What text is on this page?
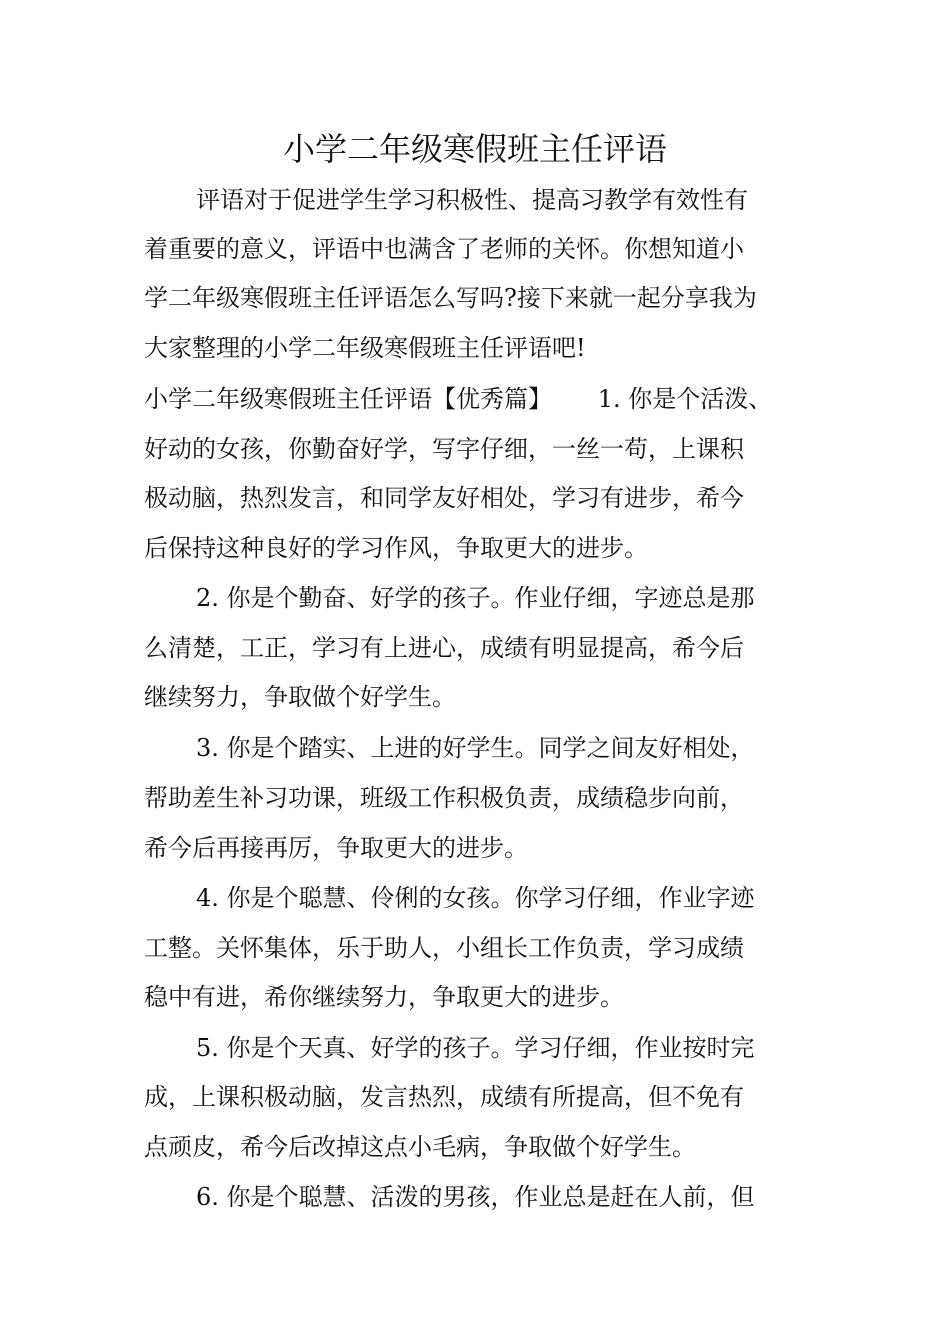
小学二年级寒假班主任评语
评语对于促进学生学习积极性、提高习教学有效性有
着重要的意义，评语中也满含了老师的关怀。你想知道小
学二年级寒假班主任评语怎么写吗?接下来就一起分享我为
大家整理的小学二年级寒假班主任评语吧!
小学二年级寒假班主任评语【优秀篇】      1. 你是个活泼、
好动的女孩，你勤奋好学，写字仔细，一丝一苟，上课积
极动脑，热烈发言，和同学友好相处，学习有进步，希今
后保持这种良好的学习作风，争取更大的进步。
2. 你是个勤奋、好学的孩子。作业仔细，字迹总是那
么清楚，工正，学习有上进心，成绩有明显提高，希今后
继续努力，争取做个好学生。
3. 你是个踏实、上进的好学生。同学之间友好相处，
帮助差生补习功课，班级工作积极负责，成绩稳步向前，
希今后再接再厉，争取更大的进步。
4. 你是个聪慧、伶俐的女孩。你学习仔细，作业字迹
工整。关怀集体，乐于助人，小组长工作负责，学习成绩
稳中有进，希你继续努力，争取更大的进步。
5. 你是个天真、好学的孩子。学习仔细，作业按时完
成，上课积极动脑，发言热烈，成绩有所提高，但不免有
点顽皮，希今后改掉这点小毛病，争取做个好学生。
6. 你是个聪慧、活泼的男孩，作业总是赶在人前，但
